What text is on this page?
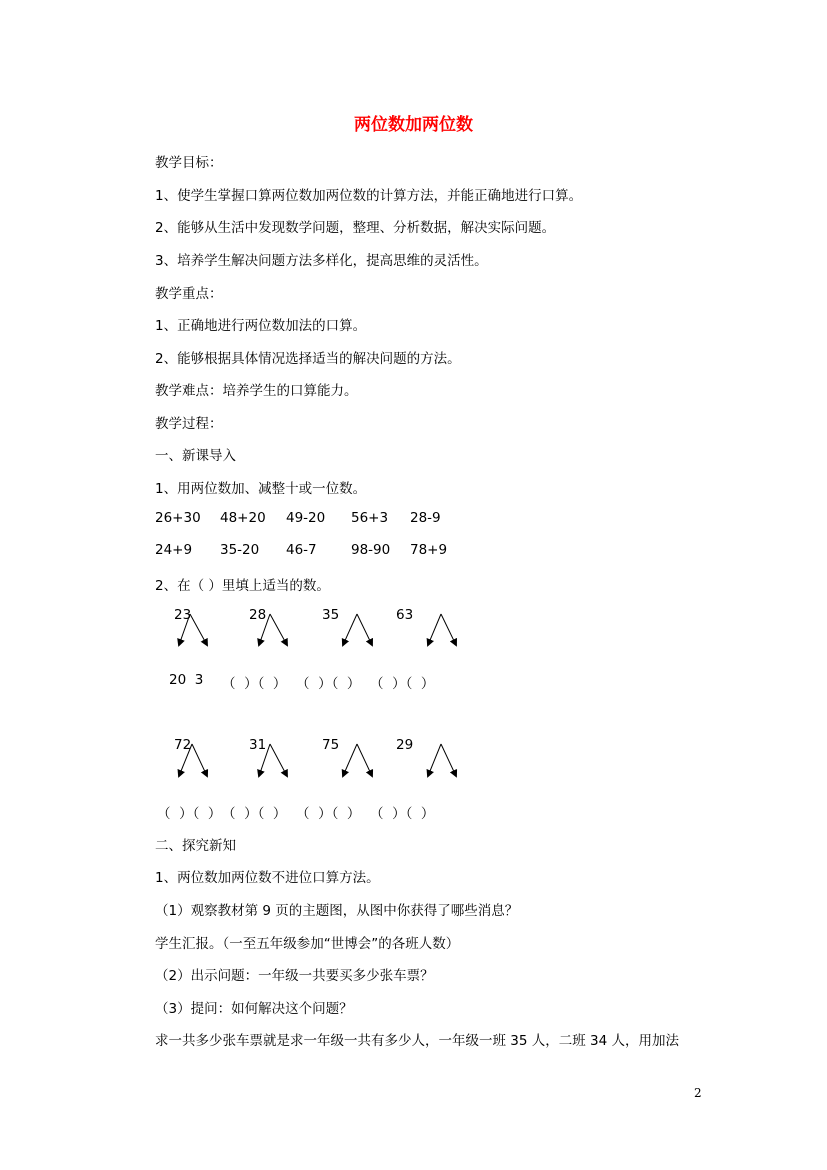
两位数加两位数
教学目标：
1、使学生掌握口算两位数加两位数的计算方法，并能正确地进行口算。
2、能够从生活中发现数学问题，整理、分析数据，解决实际问题。
3、培养学生解决问题方法多样化，提高思维的灵活性。
教学重点：
1、正确地进行两位数加法的口算。
2、能够根据具体情况选择适当的解决问题的方法。
教学难点：培养学生的口算能力。
教学过程：
一、新课导入
1、用两位数加、减整十或一位数。
26+30 48+20 49-20 56+3 28-9
24+9 35-20 46-7	98-90 78+9
2、在（ ）里填上适当的数。
23	28	35	63
20  3 （  ）（  ） （  ）（  ） （  ）（  ）
72	31	75	29
（  ）（  ） （  ）（  ） （  ）（  ） （  ）（  ）
二、探究新知
1、两位数加两位数不进位口算方法。
（1）观察教材第 9 页的主题图，从图中你获得了哪些消息？
学生汇报。（一至五年级参加“世博会”的各班人数）
（2）出示问题：一年级一共要买多少张车票？
（3）提问：如何解决这个问题？
求一共多少张车票就是求一年级一共有多少人，一年级一班 35 人，二班 34 人，用加法
2
